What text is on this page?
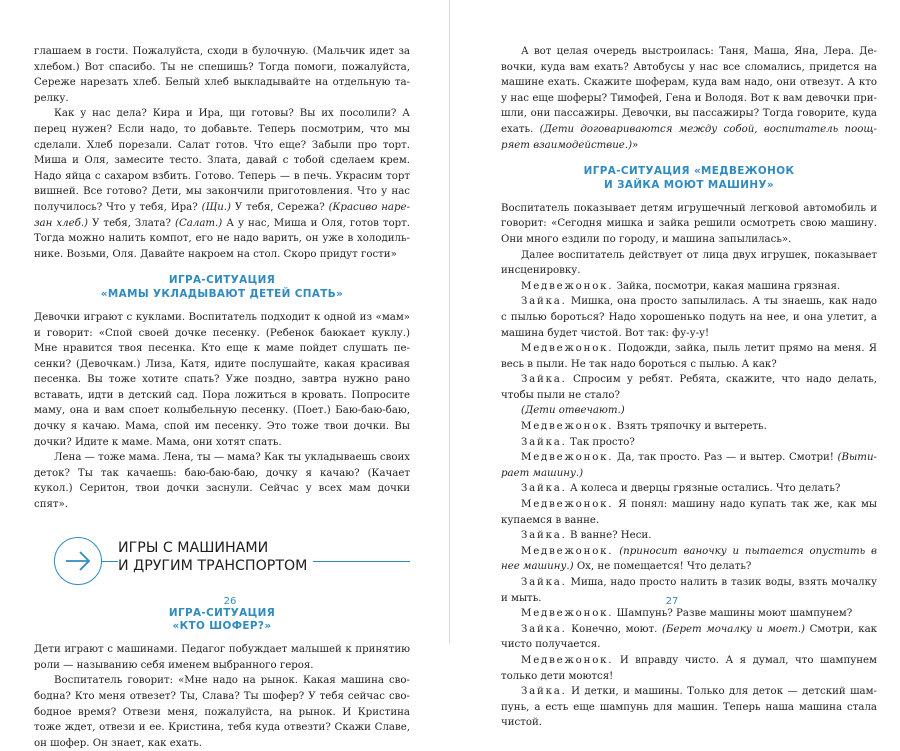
глашаем в гости. Пожалуйста, сходи в булочную. (Мальчик идет за хлебом.) Вот спасибо. Ты не спешишь? Тогда помоги, пожалуйста, Сереже нарезать хлеб. Белый хлеб выкладывайте на отдельную тарелку.

Как у нас дела? Кира и Ира, щи готовы? Вы их посолили? А перец нужен? Если надо, то добавьте. Теперь посмотрим, что мы сделали. Хлеб порезали. Салат готов. Что еще? Забыли про торт. Миша и Оля, замесите тесто. Злата, давай с тобой сделаем крем. Надо яйца с сахаром взбить. Готово. Теперь — в печь. Украсим торт вишней. Все готово? Дети, мы закончили приготовления. Что у нас получилось? Что у тебя, Ира? (Щи.) У тебя, Сережа? (Красиво нарезан хлеб.) У тебя, Злата? (Салат.) А у нас, Миша и Оля, готов торт. Тогда можно налить компот, его не надо варить, он уже в холoдильнике. Возьми, Оля. Давайте накроем на стол. Скоро придут гости»

ИГРА-СИТУАЦИЯ
«МАМЫ УКЛАДЫВАЮТ ДЕТЕЙ СПАТЬ»

Девочки играют с куклами. Воспитатель подходит к одной из «мам» и говорит: «Спой своей дочке песенку. (Ребенок баюкает куклу.) Мне нравится твоя песенка. Кто еще к маме пойдет слушать песенки? (Девочкам.) Лиза, Катя, идите послушайте, какая красивая песенка. Вы тоже хотите спать? Уже поздно, завтра нужно рано вставать, идти в детский сад. Пора ложиться в кровать. Попросите маму, она и вам споет колыбельную песенку. (Поет.) Баю-баю-баю, дочку я качаю. Мама, спой им песенку. Это тоже твои дочки. Вы дочки? Идите к маме. Мама, они хотят спать.

Лена — тоже мама. Лена, ты — мама? Как ты укладываешь своих деток? Ты так качаешь: баю-баю-баю, дочку я качаю? (Качает кукол.) Серитон, твои дочки заснули. Сейчас у всех мам дочки спят».

ИГРЫ С МАШИНАМИ
И ДРУГИМ ТРАНСПОРТОМ
ИГРА-СИТУАЦИЯ
«КТО ШОФЕР?»

Дети играют с машинами. Педагог побуждает малышей к принятию роли — называнию себя именем выбранного героя.

Воспитатель говорит: «Мне надо на рынок. Какая машина свободна? Кто меня отвезет? Ты, Слава? Ты шофер? У тебя сейчас свободное время? Отвези меня, пожалуйста, на рынок. И Кристина тоже ждет, отвези и ее. Кристина, тебя куда отвезти? Скажи Славе, он шофер. Он знает, как ехать.

26

А вот целая очередь выстроилась: Таня, Маша, Яна, Лера. Девочки, куда вам ехать? Автобусы у нас все сломались, придется на машине ехать. Скажите шоферам, куда вам надо, они отвезут. А кто у нас еще шоферы? Тимофей, Гена и Володя. Вот к вам девочки пришли, они пассажиры. Девочки, вы пассажиры? Тогда говорите, куда ехать. (Дети договариваются между собой, воспитатель поощряет взаимодействие.)»

ИГРА-СИТУАЦИЯ «МЕДВЕЖОНОК
И ЗАЙКА МОЮТ МАШИНУ»

Воспитатель показывает детям игрушечный легковой автомобиль и говорит: «Сегодня мишка и зайка решили осмотреть свою машину. Они много ездили по городу, и машина запылилась».

Далее воспитатель действует от лица двух игрушек, показывает инсценировку.

Медвежонок. Зайка, посмотри, какая машина грязная.

Зайка. Мишка, она просто запылилась. А ты знаешь, как надо с пылью бороться? Надо хорошенько подуть на нее, и она улетит, а машина будет чистой. Вот так: фу-у-у!

Медвежонок. Подожди, зайка, пыль летит прямо на меня. Я весь в пыли. Не так надо бороться с пылью. А как?

Зайка. Спросим у ребят. Ребята, скажите, что надо делать, чтобы пыли не стало?

(Дети отвечают.)

Медвежонок. Взять тряпочку и вытереть.

Зайка. Так просто?

Медвежонок. Да, так просто. Раз — и вытер. Смотри! (Вытирает машину.)

Зайка. А колеса и дверцы грязные остались. Что делать?

Медвежонок. Я понял: машину надо купать так же, как мы купаемся в ванне.

Зайка. В ванне? Неси.

Медвежонок. (приносит ваночку и пытается опустить в нее машину.) Ох, не помещается! Что делать?

Зайка. Миша, надо просто налить в тазик воды, взять мочалку и мыть.

Медвежонок. Шампунь? Разве машины моют шампунем?

Зайка. Конечно, моют. (Берет мочалку и моет.) Смотри, как чисто получается.

Медвежонок. И вправду чисто. А я думал, что шампунем только дети моются!

Зайка. И детки, и машины. Только для деток — детский шампунь, а есть еще шампунь для машин. Теперь наша машина стала чистой.

27
